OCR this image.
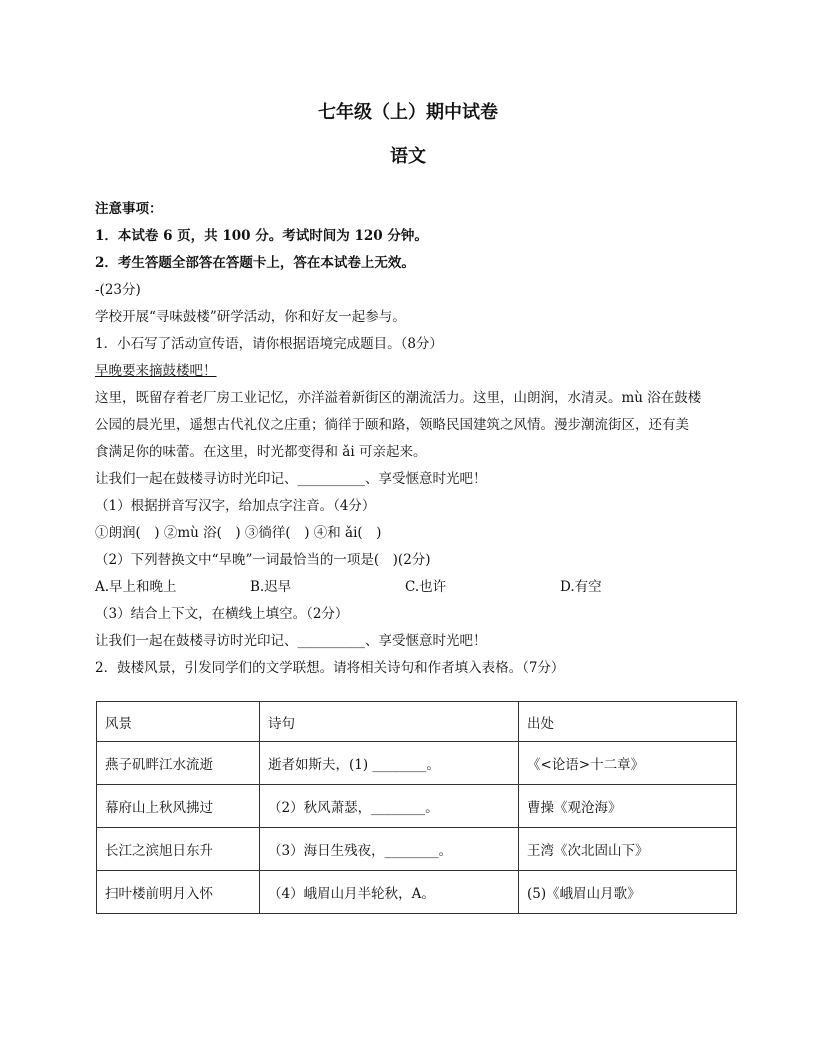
七年级（上）期中试卷
语文
注意事项：
1．本试卷 6 页，共 100 分。考试时间为 120 分钟。
2．考生答题全部答在答题卡上，答在本试卷上无效。
-(23分)
学校开展“寻味鼓楼”研学活动，你和好友一起参与。
1．小石写了活动宣传语，请你根据语境完成题目。（8分）
早晚要来摘鼓楼吧！
这里，既留存着老厂房工业记忆，亦洋溢着新街区的潮流活力。这里，山朗润，水清灵。mù 浴在鼓楼
公园的晨光里，遥想古代礼仪之庄重；徜徉于颐和路，领略民国建筑之风情。漫步潮流街区，还有美
食满足你的味蕾。在这里，时光都变得和 ǎi 可亲起来。
让我们一起在鼓楼寻访时光印记、__________、享受惬意时光吧！
（1）根据拼音写汉字，给加点字注音。（4分）
①朗润(　) ②mù 浴(　) ③徜徉(　) ④和 ǎi(　)
（2）下列替换文中“早晚”一词最恰当的一项是(　)(2分)
A.早上和晚上	B.迟早	C.也许	D.有空
（3）结合上下文，在横线上填空。（2分）
让我们一起在鼓楼寻访时光印记、__________、享受惬意时光吧！
2．鼓楼风景，引发同学们的文学联想。请将相关诗句和作者填入表格。（7分）
风景	诗句	出处
燕子矶畔江水流逝	逝者如斯夫，(1) ________。	《<论语>十二章》
幕府山上秋风拂过	（2）秋风萧瑟，________。	曹操《观沧海》
长江之滨旭日东升	（3）海日生残夜，________。	王湾《次北固山下》
扫叶楼前明月入怀	（4）峨眉山月半轮秋，A。	(5)《峨眉山月歌》
